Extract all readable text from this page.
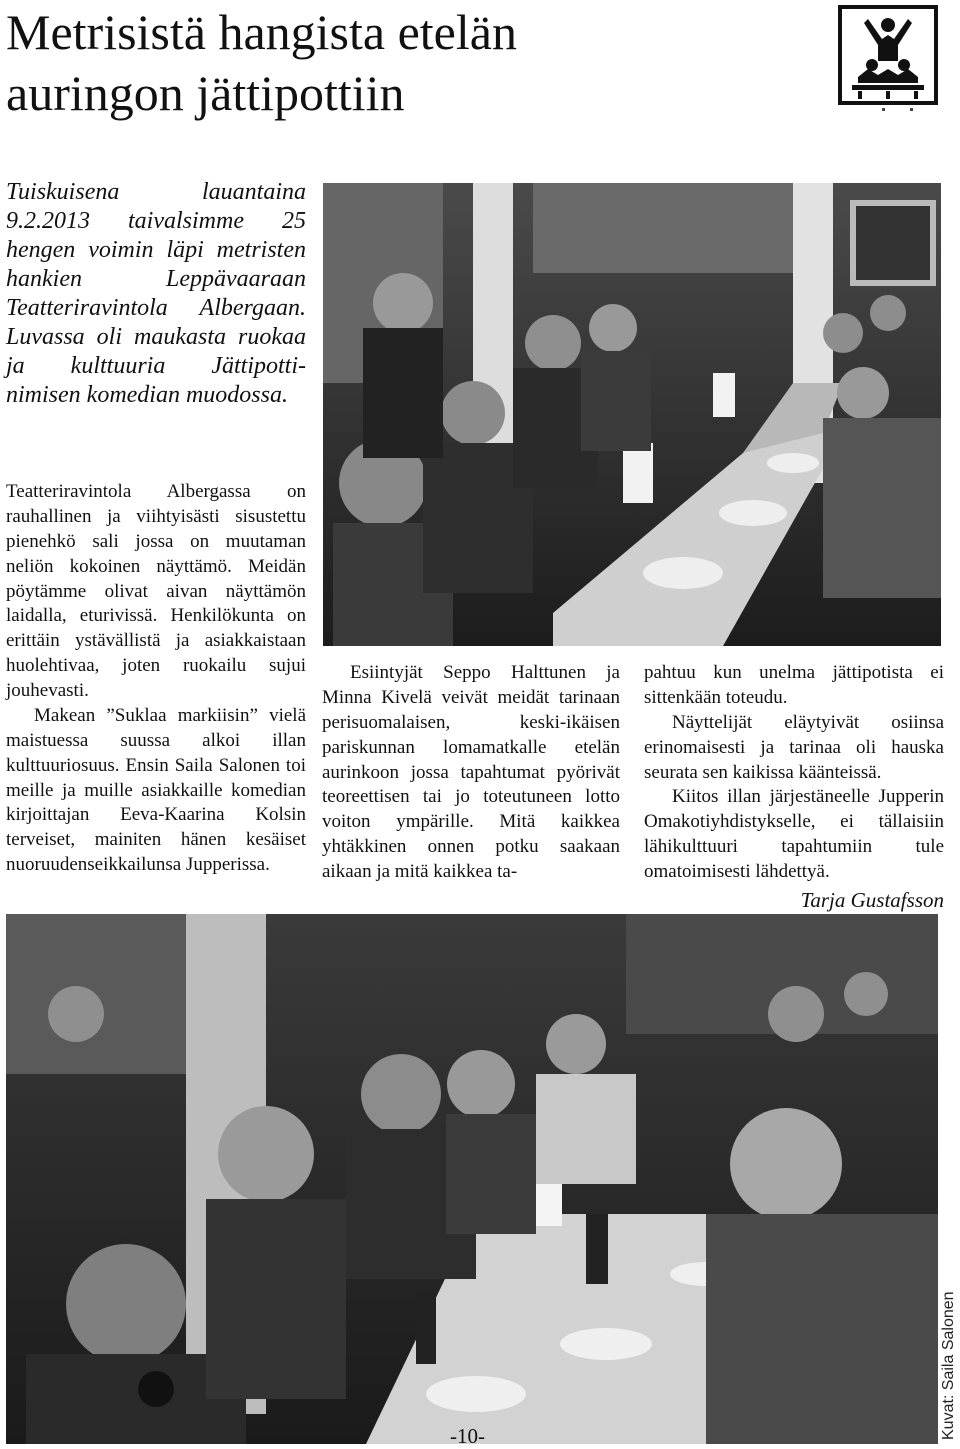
Metrisistä hangista etelän auringon jättipottiin

Tuiskuisena lauantaina 9.2.2013 taivalsimme 25 hengen voimin läpi metristen hankien Leppävaaraan Teatteriravintola Albergaan. Luvassa oli maukasta ruokaa ja kulttuuria Jättipotti- nimisen komedian muodossa.

Teatteriravintola Albergassa on rauhallinen ja viihtyisästi sisustettu pienehkö sali jossa on muutaman neliön kokoinen näyttämö. Meidän pöytämme olivat aivan näyttämön laidalla, eturivissä. Henkilökunta on erittäin ystävällistä ja asiakkaistaan huolehtivaa, joten ruokailu sujui jouhevasti.

Makean ”Suklaa markiisin” vielä maistuessa suussa alkoi illan kulttuuriosuus. Ensin Saila Salonen toi meille ja muille asiakkaille komedian kirjoittajan Eeva-Kaarina Kolsin terveiset, mainiten hänen kesäiset nuoruudenseikkailunsa Jupperissa.

Esiintyjät Seppo Halttunen ja Minna Kivelä veivät meidät tarinaan perisuomalaisen, keski-ikäisen pariskunnan lomamatkalle etelän aurinkoon jossa tapahtumat pyörivät teoreettisen tai jo toteutuneen lotto voiton ympärille. Mitä kaikkea yhtäkkinen onnen potku saakaan aikaan ja mitä kaikkea ta-

pahtuu kun unelma jättipotista ei sittenkään toteudu.

Näyttelijät eläytyivät osiinsa erinomaisesti ja tarinaa oli hauska seurata sen kaikissa käänteissä.

Kiitos illan järjestäneelle Jupperin Omakotiyhdistykselle, ei tällaisiin lähikulttuuri tapahtumiin tule omatoimisesti lähdettyä.

Tarja Gustafsson
Kuvat: Saila Salonen
-10-
